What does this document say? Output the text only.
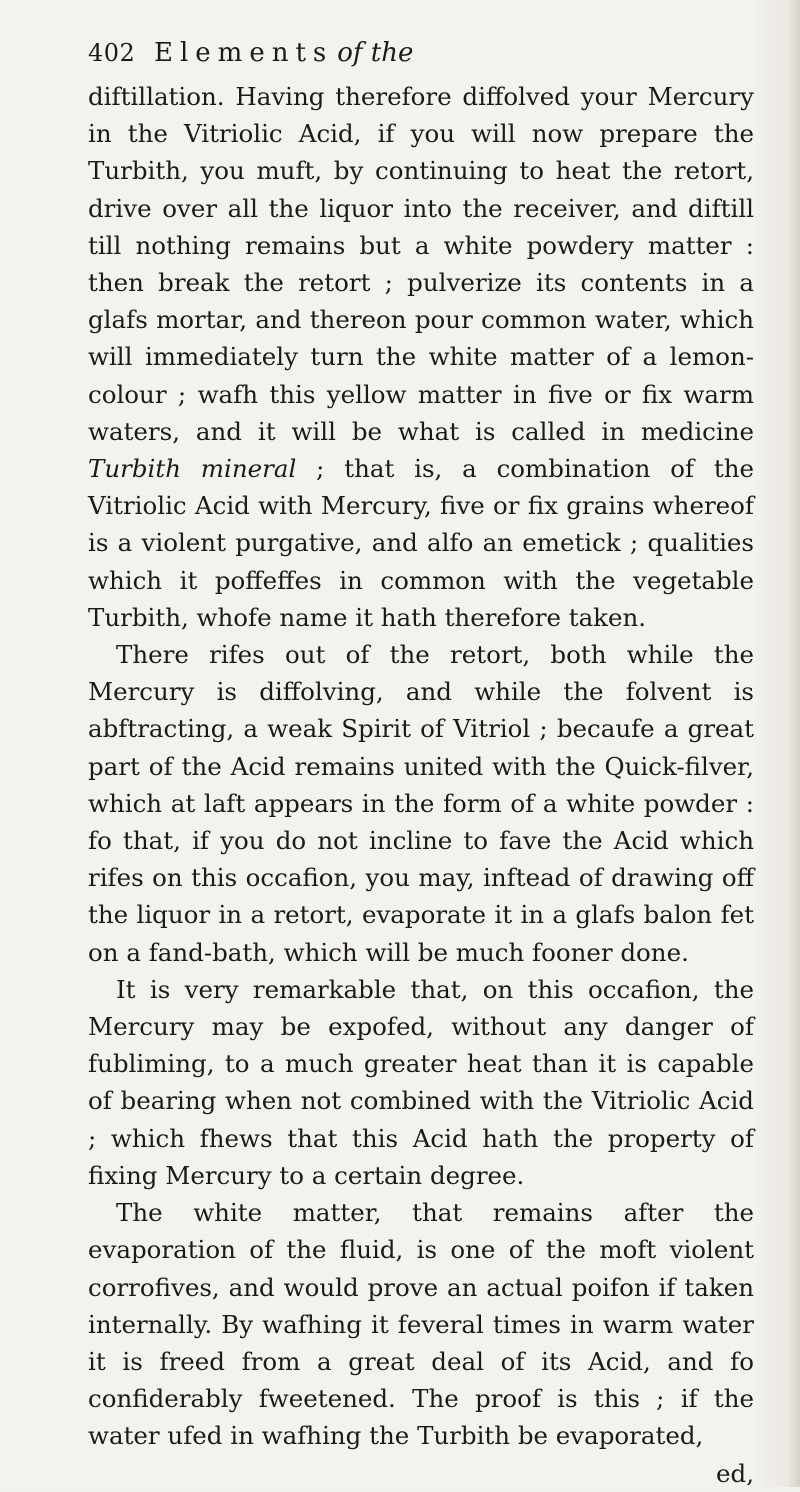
402 Elements of the

diftillation. Having therefore diffolved your Mercury in the Vitriolic Acid, if you will now prepare the Turbith, you muft, by continuing to heat the retort, drive over all the liquor into the receiver, and diftill till nothing remains but a white powdery matter : then break the retort ; pulverize its contents in a glafs mortar, and thereon pour common water, which will immediately turn the white matter of a lemon-colour ; wafh this yellow matter in five or fix warm waters, and it will be what is called in medicine Turbith mineral ; that is, a combination of the Vitriolic Acid with Mercury, five or fix grains whereof is a violent purgative, and alfo an emetick ; qualities which it poffeffes in common with the vegetable Turbith, whofe name it hath therefore taken.

There rifes out of the retort, both while the Mercury is diffolving, and while the folvent is abftracting, a weak Spirit of Vitriol ; becaufe a great part of the Acid remains united with the Quick-filver, which at laft appears in the form of a white powder : fo that, if you do not incline to fave the Acid which rifes on this occafion, you may, inftead of drawing off the liquor in a retort, evaporate it in a glafs balon fet on a fand-bath, which will be much fooner done.

It is very remarkable that, on this occafion, the Mercury may be expofed, without any danger of fubliming, to a much greater heat than it is capable of bearing when not combined with the Vitriolic Acid ; which fhews that this Acid hath the property of fixing Mercury to a certain degree.

The white matter, that remains after the evaporation of the fluid, is one of the moft violent corrofives, and would prove an actual poifon if taken internally. By wafhing it feveral times in warm water it is freed from a great deal of its Acid, and fo confiderably fweetened. The proof is this ; if the water ufed in wafhing the Turbith be evaporated,

ed,
